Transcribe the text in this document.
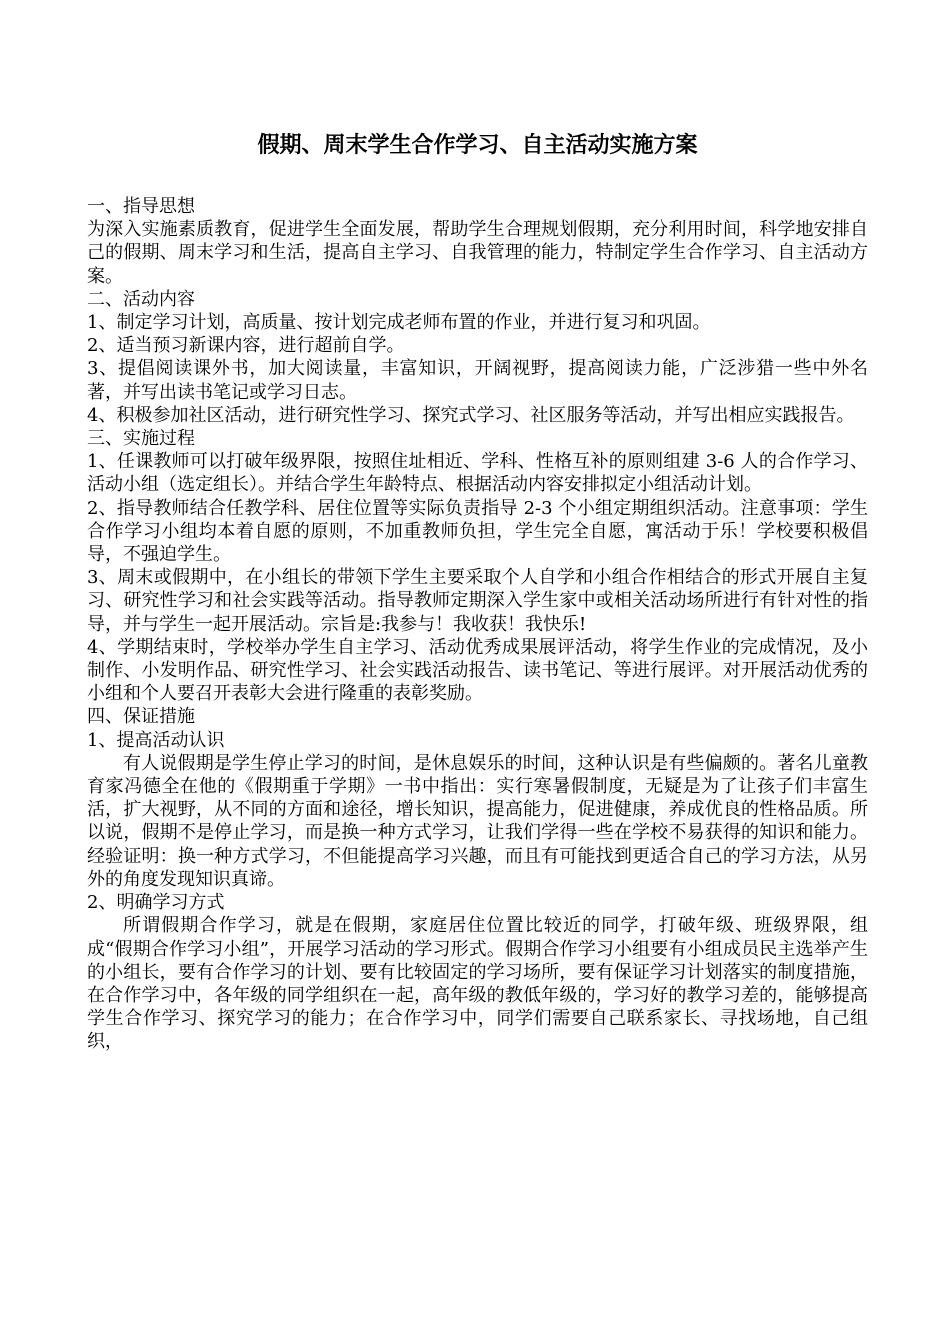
假期、周末学生合作学习、自主活动实施方案

一、指导思想

为深入实施素质教育，促进学生全面发展，帮助学生合理规划假期，充分利用时间，科学地安排自己的假期、周末学习和生活，提高自主学习、自我管理的能力，特制定学生合作学习、自主活动方案。

二、活动内容

1、制定学习计划，高质量、按计划完成老师布置的作业，并进行复习和巩固。

2、适当预习新课内容，进行超前自学。

3、提倡阅读课外书，加大阅读量，丰富知识，开阔视野，提高阅读力能，广泛涉猎一些中外名著，并写出读书笔记或学习日志。

4、积极参加社区活动，进行研究性学习、探究式学习、社区服务等活动，并写出相应实践报告。

三、实施过程

1、任课教师可以打破年级界限，按照住址相近、学科、性格互补的原则组建 3-6 人的合作学习、活动小组（选定组长）。并结合学生年龄特点、根据活动内容安排拟定小组活动计划。

2、指导教师结合任教学科、居住位置等实际负责指导 2-3 个小组定期组织活动。注意事项：学生合作学习小组均本着自愿的原则，不加重教师负担，学生完全自愿，寓活动于乐！学校要积极倡导，不强迫学生。

3、周末或假期中，在小组长的带领下学生主要采取个人自学和小组合作相结合的形式开展自主复习、研究性学习和社会实践等活动。指导教师定期深入学生家中或相关活动场所进行有针对性的指导，并与学生一起开展活动。宗旨是:我参与！我收获！我快乐!

4、学期结束时，学校举办学生自主学习、活动优秀成果展评活动，将学生作业的完成情况，及小制作、小发明作品、研究性学习、社会实践活动报告、读书笔记、等进行展评。对开展活动优秀的小组和个人要召开表彰大会进行隆重的表彰奖励。

四、保证措施

1、提高活动认识

有人说假期是学生停止学习的时间，是休息娱乐的时间，这种认识是有些偏颇的。著名儿童教育家冯德全在他的《假期重于学期》一书中指出：实行寒暑假制度，无疑是为了让孩子们丰富生活，扩大视野，从不同的方面和途径，增长知识，提高能力，促进健康，养成优良的性格品质。所以说，假期不是停止学习，而是换一种方式学习，让我们学得一些在学校不易获得的知识和能力。经验证明：换一种方式学习，不但能提高学习兴趣，而且有可能找到更适合自己的学习方法，从另外的角度发现知识真谛。

2、明确学习方式

所谓假期合作学习，就是在假期，家庭居住位置比较近的同学，打破年级、班级界限，组成“假期合作学习小组”，开展学习活动的学习形式。假期合作学习小组要有小组成员民主选举产生的小组长，要有合作学习的计划、要有比较固定的学习场所，要有保证学习计划落实的制度措施，在合作学习中，各年级的同学组织在一起，高年级的教低年级的，学习好的教学习差的，能够提高学生合作学习、探究学习的能力；在合作学习中，同学们需要自己联系家长、寻找场地，自己组织，
